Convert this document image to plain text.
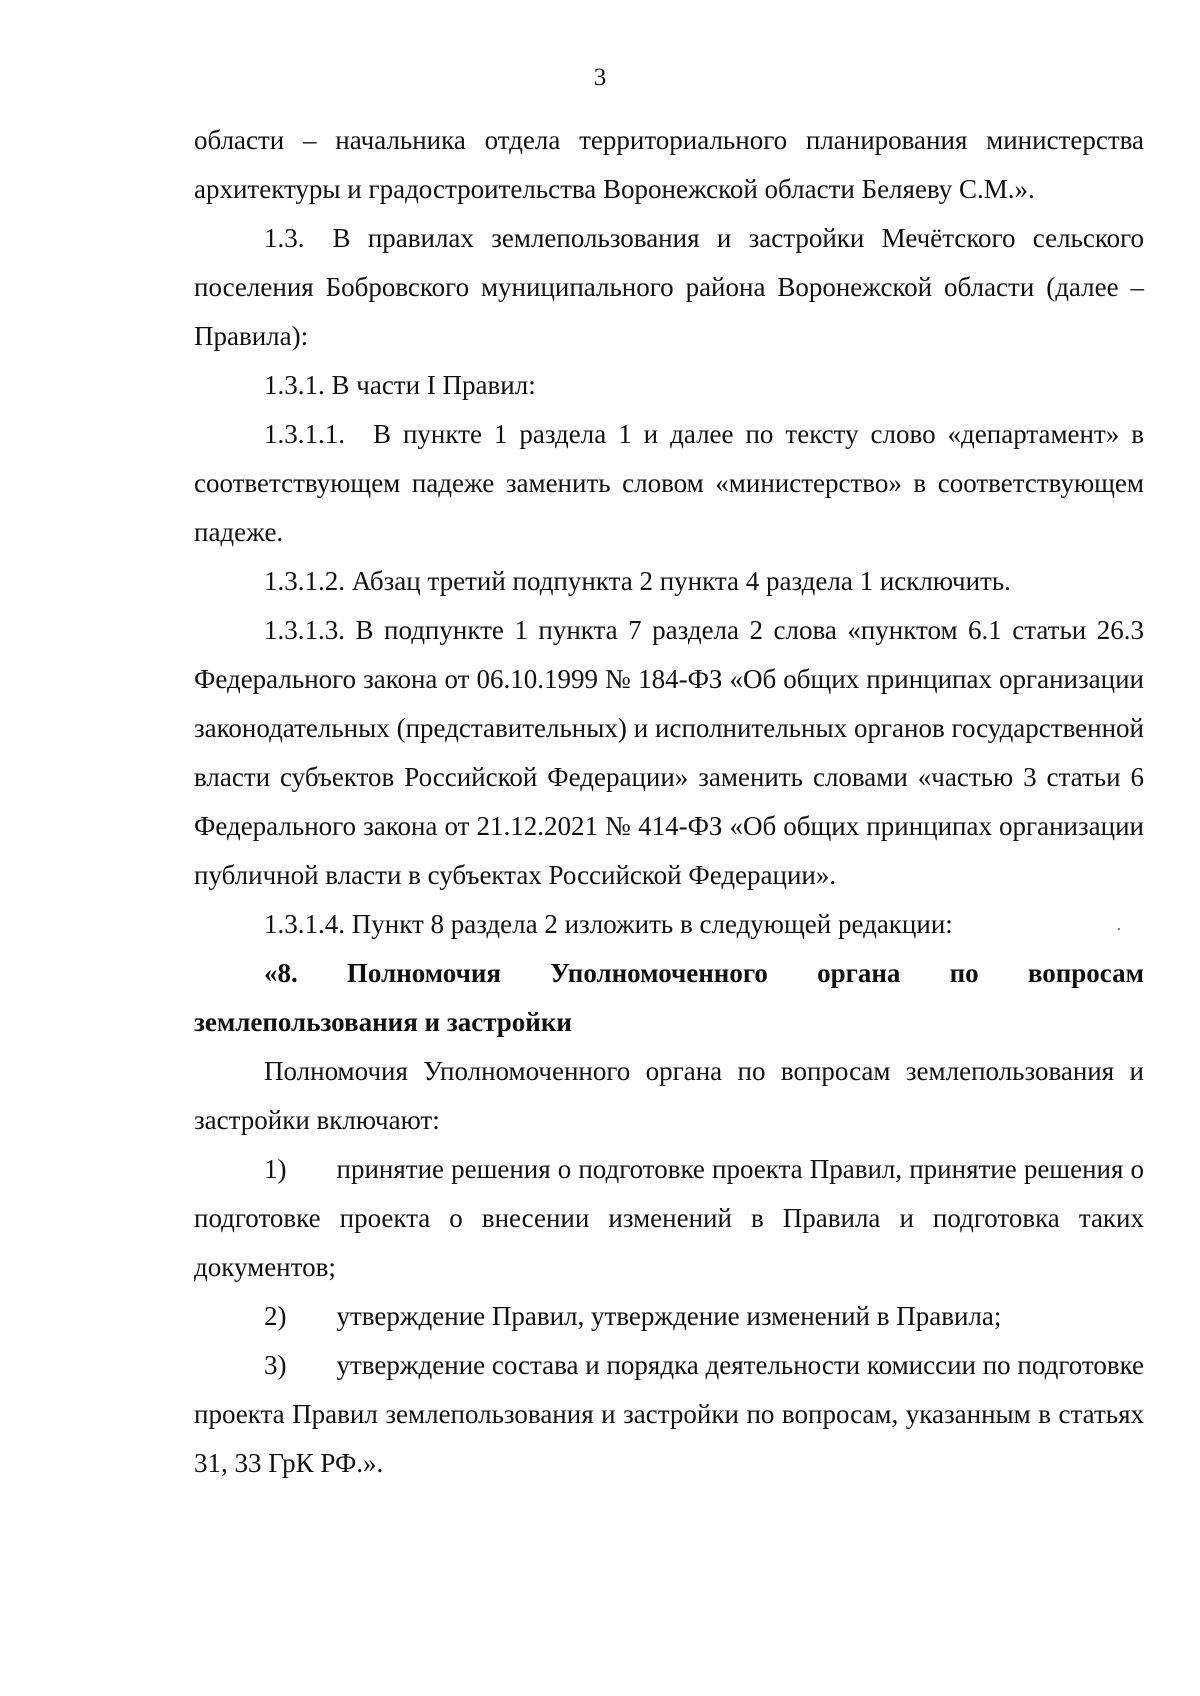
3

области – начальника отдела территориального планирования министерства архитектуры и градостроительства Воронежской области Беляеву С.М.».

1.3. В правилах землепользования и застройки Мечётского сельского поселения Бобровского муниципального района Воронежской области (далее – Правила):

1.3.1. В части I Правил:

1.3.1.1. В пункте 1 раздела 1 и далее по тексту слово «департамент» в соответствующем падеже заменить словом «министерство» в соответствующем падеже.

1.3.1.2. Абзац третий подпункта 2 пункта 4 раздела 1 исключить.

1.3.1.3. В подпункте 1 пункта 7 раздела 2 слова «пунктом 6.1 статьи 26.3 Федерального закона от 06.10.1999 № 184-ФЗ «Об общих принципах организации законодательных (представительных) и исполнительных органов государственной власти субъектов Российской Федерации» заменить словами «частью 3 статьи 6 Федерального закона от 21.12.2021 № 414-ФЗ «Об общих принципах организации публичной власти в субъектах Российской Федерации».

1.3.1.4. Пункт 8 раздела 2 изложить в следующей редакции:

«8. Полномочия Уполномоченного органа по вопросам землепользования и застройки

Полномочия Уполномоченного органа по вопросам землепользования и застройки включают:

1) принятие решения о подготовке проекта Правил, принятие решения о подготовке проекта о внесении изменений в Правила и подготовка таких документов;

2) утверждение Правил, утверждение изменений в Правила;

3) утверждение состава и порядка деятельности комиссии по подготовке проекта Правил землепользования и застройки по вопросам, указанным в статьях 31, 33 ГрК РФ.».
